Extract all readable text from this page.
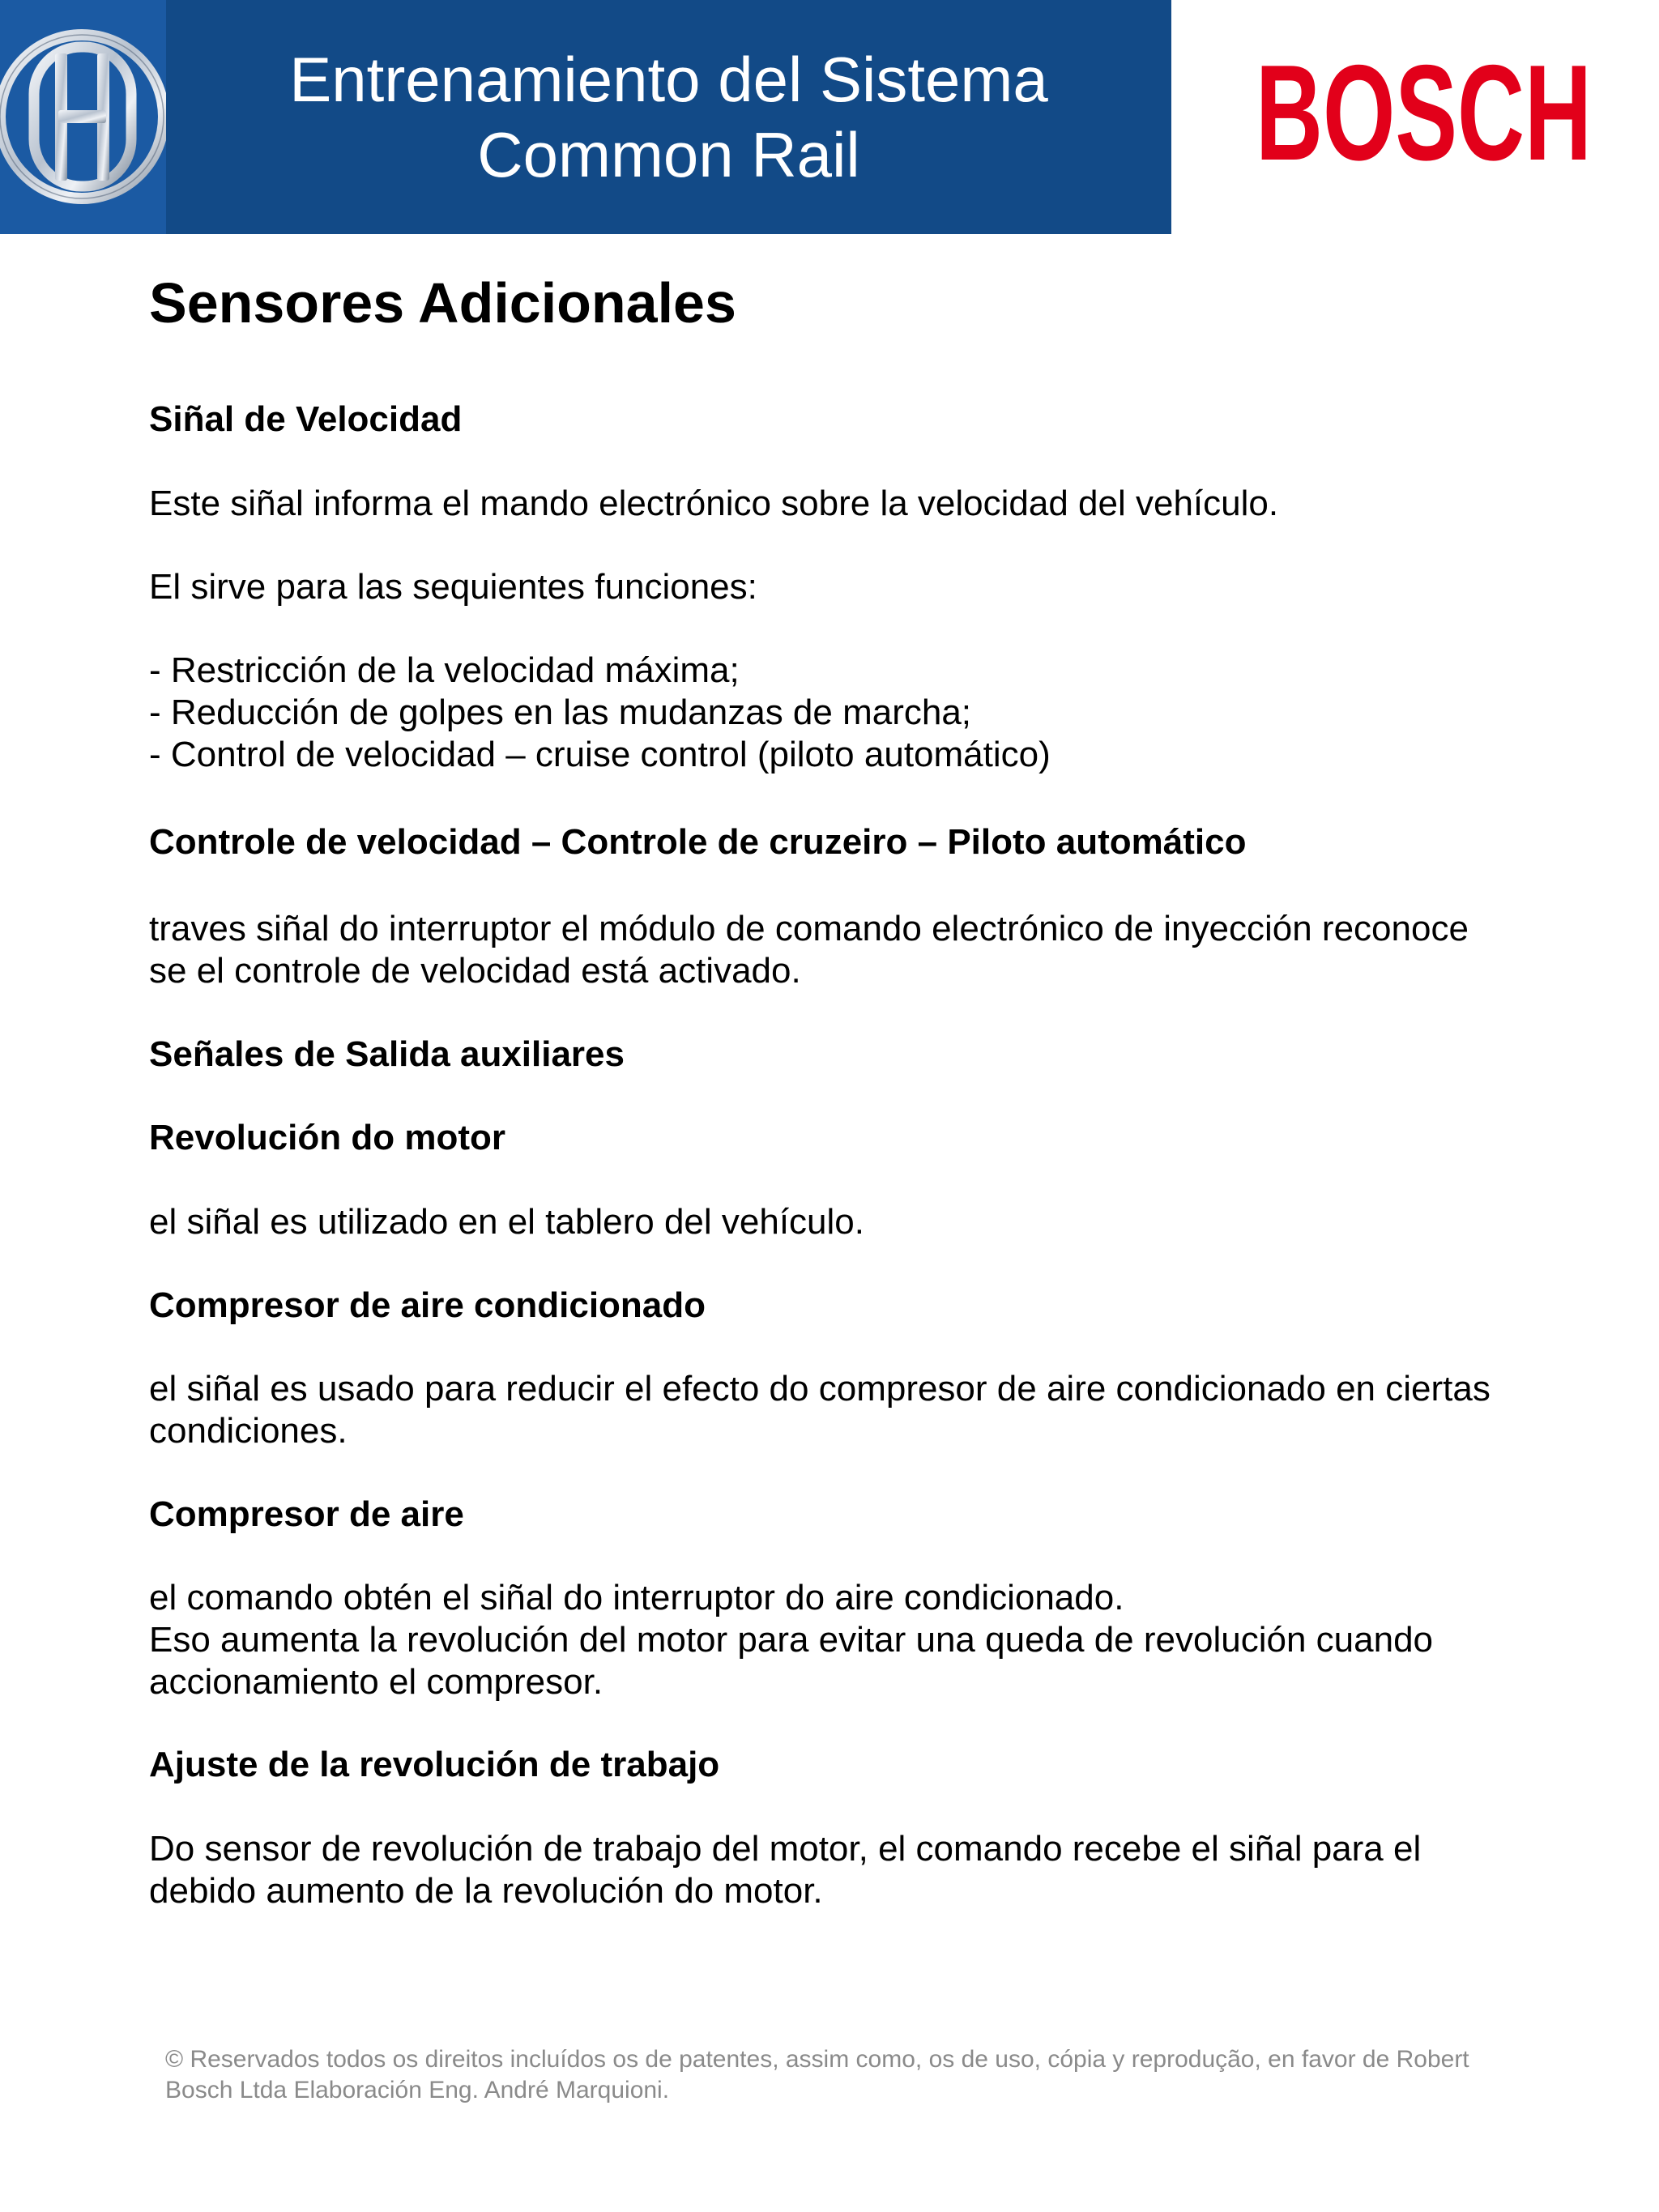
Entrenamiento del Sistema
Common Rail	BOSCH
Sensores Adicionales
Siñal de Velocidad
Este siñal informa el mando electrónico sobre la velocidad del vehículo.
El sirve para las sequientes funciones:
- Restricción de la velocidad máxima;
- Reducción de golpes en las mudanzas de marcha;
- Control de velocidad – cruise control (piloto automático)
Controle de velocidad – Controle de cruzeiro – Piloto automático
traves siñal do interruptor el módulo de comando electrónico de inyección reconoce
se el controle de velocidad está activado.
Señales de Salida auxiliares
Revolución do motor
el siñal es utilizado en el tablero del vehículo.
Compresor de aire condicionado
el siñal es usado para reducir el efecto do compresor de aire condicionado en ciertas
condiciones.
Compresor de aire
el comando obtén el siñal do interruptor do aire condicionado.
Eso aumenta la revolución del motor para evitar una queda de revolución cuando
accionamiento el compresor.
Ajuste de la revolución de trabajo
Do sensor de revolución de trabajo del motor, el comando recebe el siñal para el
debido aumento de la revolución do motor.
© Reservados todos os direitos incluídos os de patentes, assim como, os de uso, cópia y reprodução, en favor de Robert
Bosch Ltda Elaboración Eng. André Marquioni.
